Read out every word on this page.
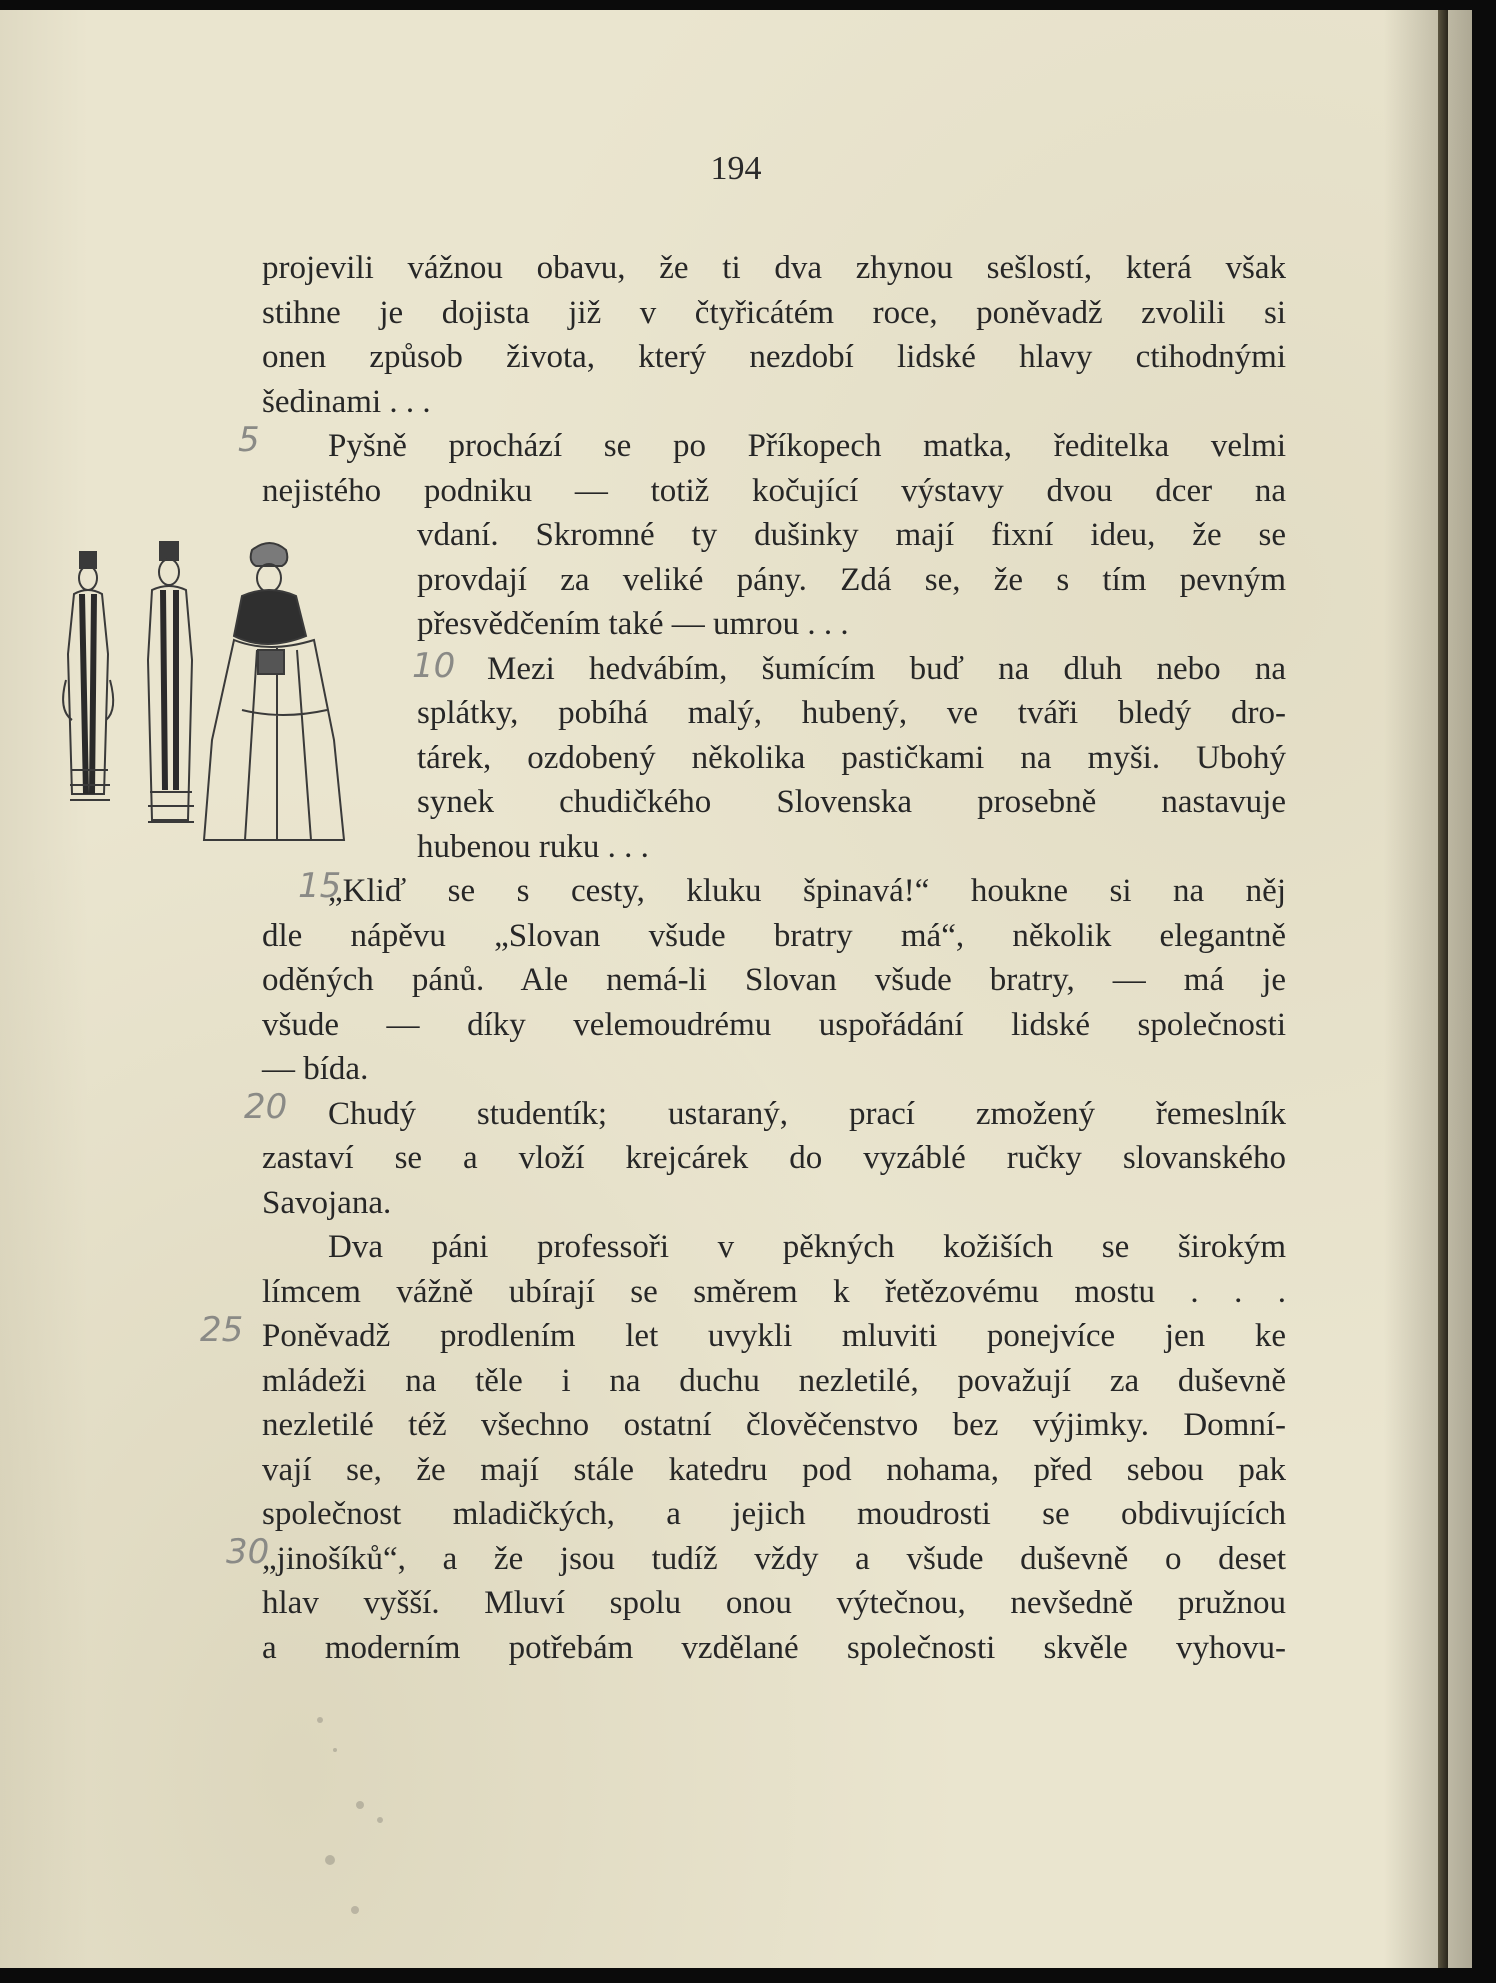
194
5
10
15
20
25
30
projevili vážnou obavu, že ti dva zhynou sešlostí, která však
stihne je dojista již v čtyřicátém roce, poněvadž zvolili si
onen způsob života, který nezdobí lidské hlavy ctihodnými
šedinami . . .
Pyšně prochází se po Příkopech matka, ředitelka velmi
nejistého podniku — totiž kočující výstavy dvou dcer na
vdaní. Skromné ty dušinky mají fixní ideu, že se
provdají za veliké pány. Zdá se, že s tím pevným
přesvědčením také — umrou . . .
Mezi hedvábím, šumícím buď na dluh nebo na
splátky, pobíhá malý, hubený, ve tváři bledý dro-
tárek, ozdobený několika pastičkami na myši. Ubohý
synek chudičkého Slovenska prosebně nastavuje
hubenou ruku . . .
„Kliď se s cesty, kluku špinavá!“ houkne si na něj
dle nápěvu „Slovan všude bratry má“, několik elegantně
oděných pánů. Ale nemá-li Slovan všude bratry, — má je
všude — díky velemoudrému uspořádání lidské společnosti
— bída.
Chudý studentík; ustaraný, prací zmožený řemeslník
zastaví se a vloží krejcárek do vyzáblé ručky slovanského
Savojana.
Dva páni professoři v pěkných kožiších se širokým
límcem vážně ubírají se směrem k řetězovému mostu . . .
Poněvadž prodlením let uvykli mluviti ponejvíce jen ke
mládeži na těle i na duchu nezletilé, považují za duševně
nezletilé též všechno ostatní člověčenstvo bez výjimky. Domní-
vají se, že mají stále katedru pod nohama, před sebou pak
společnost mladičkých, a jejich moudrosti se obdivujících
„jinošíků“, a že jsou tudíž vždy a všude duševně o deset
hlav vyšší. Mluví spolu onou výtečnou, nevšedně pružnou
a moderním potřebám vzdělané společnosti skvěle vyhovu-
